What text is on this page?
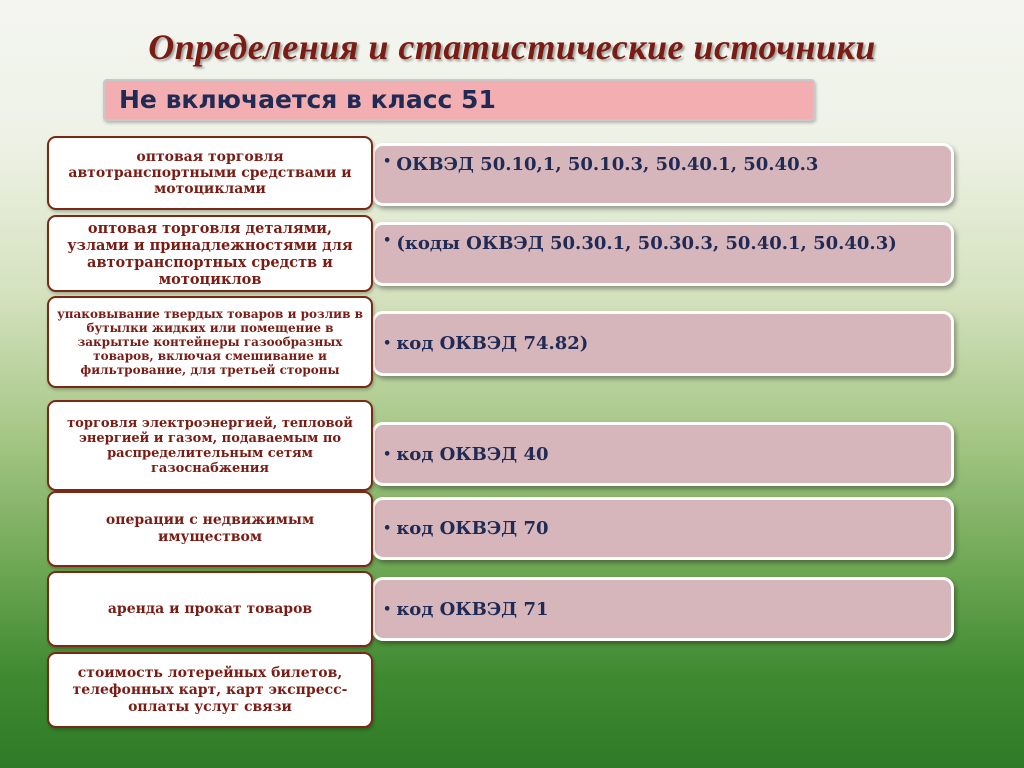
Определения и статистические источники
Не включается в класс 51
• ОКВЭД 50.10,1, 50.10.3, 50.40.1, 50.40.3
оптовая торговля автотранспортными средствами и мотоциклами
• (коды ОКВЭД 50.30.1, 50.30.3, 50.40.1, 50.40.3)
оптовая торговля деталями, узлами и принадлежностями для автотранспортных средств и мотоциклов
• код ОКВЭД 74.82)
упаковывание твердых товаров и розлив в бутылки жидких или помещение в закрытые контейнеры газообразных товаров, включая смешивание и фильтрование, для третьей стороны
• код ОКВЭД 40
торговля электроэнергией, тепловой энергией и газом, подаваемым по распределительным сетям газоснабжения
• код ОКВЭД 70
операции с недвижимым имуществом
• код ОКВЭД 71
аренда и прокат товаров
стоимость лотерейных билетов, телефонных карт, карт экспресс-оплаты услуг связи
